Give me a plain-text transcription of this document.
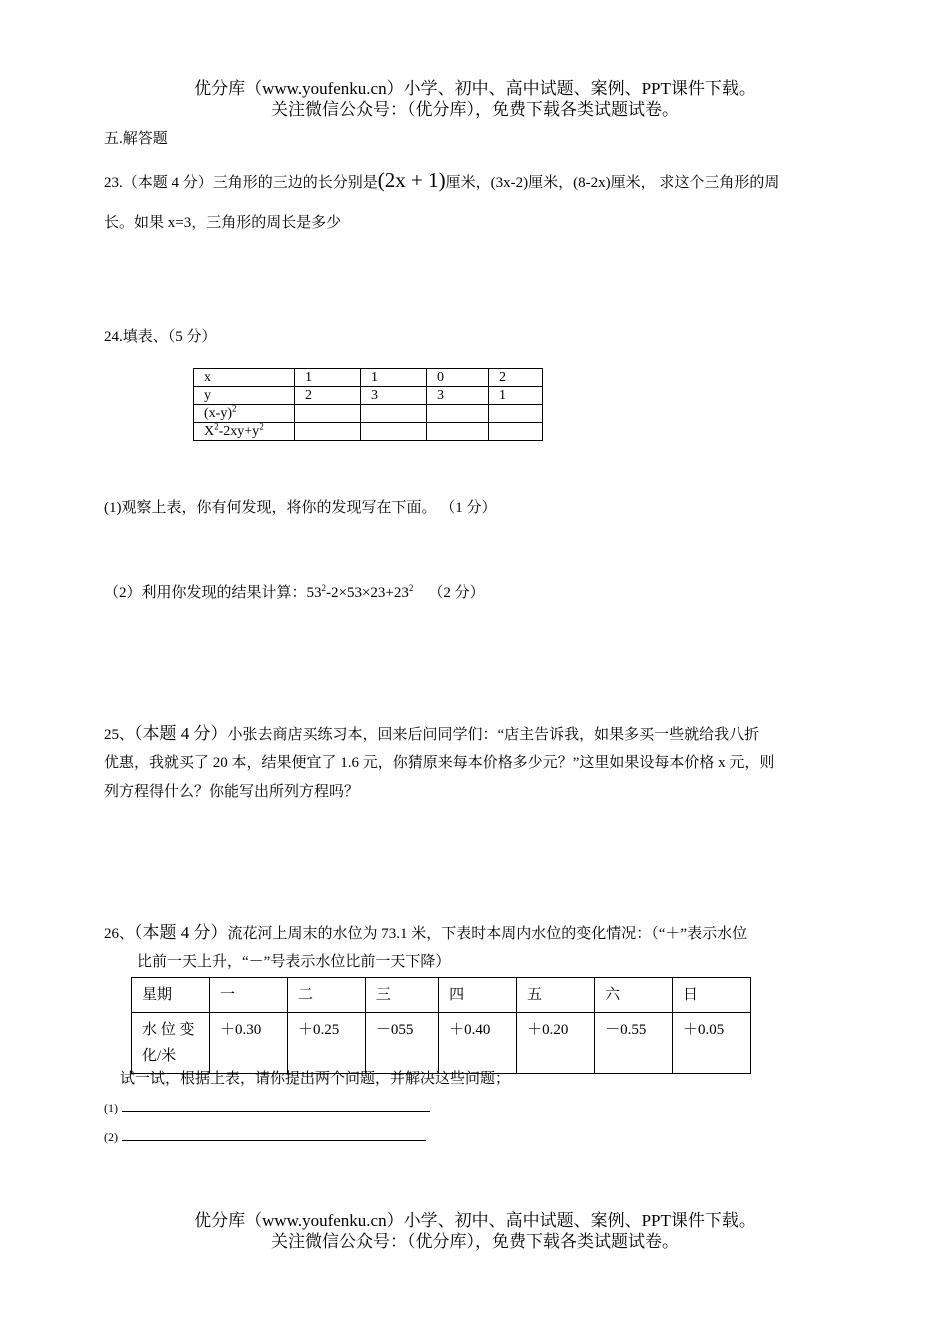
优分库（www.youfenku.cn）小学、初中、高中试题、案例、PPT课件下载。
关注微信公众号：（优分库），免费下载各类试题试卷。
五.解答题
23.（本题 4 分）三角形的三边的长分别是(2x + 1)厘米，(3x-2)厘米，(8-2x)厘米， 求这个三角形的周
长。如果 x=3，三角形的周长是多少
24.填表、（5 分）
x	1	1	0	2
y	2	3	3	1
$(x-y)^2$				
$X^2-2xy+y^2$				
(1)观察上表，你有何发现，将你的发现写在下面。 （1 分）
（2）利用你发现的结果计算：$53^2-2\times 53\times 23+23^2$    （2 分）
25、（本题 4 分）小张去商店买练习本，回来后问同学们：“店主告诉我，如果多买一些就给我八折
优惠，我就买了 20 本，结果便宜了 1.6 元，你猜原来每本价格多少元？”这里如果设每本价格 x 元，则
列方程得什么？你能写出所列方程吗？
26、（本题 4 分）流花河上周末的水位为 73.1 米，下表时本周内水位的变化情况：（“＋”表示水位
比前一天上升，“－”号表示水位比前一天下降）
星期	一	二	三	四	五	六	日
水 位 变化/米	＋0.30	＋0.25	－055	＋0.40	＋0.20	－0.55	＋0.05
试一试，根据上表，请你提出两个问题，并解决这些问题；
(1)
(2)
优分库（www.youfenku.cn）小学、初中、高中试题、案例、PPT课件下载。
关注微信公众号：（优分库），免费下载各类试题试卷。
